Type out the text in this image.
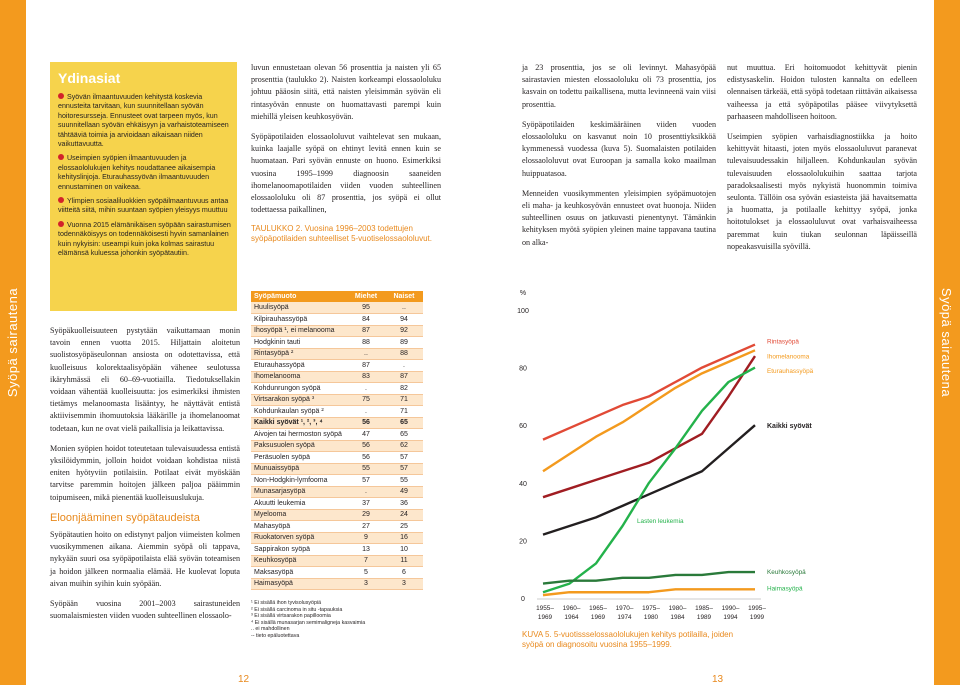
Syöpä sairautena	Syöpä sairautena
Ydinasiat

Syövän ilmaantuvuuden kehitystä koskevia ennusteita tarvitaan, kun suunnitellaan syövän hoitoresursseja. Ennusteet ovat tarpeen myös, kun suunnitellaan syövän ehkäisyyn ja varhaistoteamiseen tähtääviä toimia ja arvioidaan aikaisaan niiden vaikuttavuutta.

Useimpien syöpien ilmaantuvuuden ja elossaololukujen kehitys noudattanee aikaisempia kehityslinjoja. Eturauhassyövän ilmaantuvuuden ennustaminen on vaikeaa.

Ylimpien sosiaaliluokkien syöpäilmaantuvuus antaa viitteitä siitä, mihin suuntaan syöpien yleisyys muuttuu

Vuonna 2015 elämänikäisen syöpään sairastumisen todennäköisyys on todennäköisesti hyvin samanlainen kuin nykyisin: useampi kuin joka kolmas sairastuu elämänsä kuluessa johonkin syöpätautiin.

Syöpäkuolleisuuteen pystytään vaikuttamaan monin tavoin ennen vuotta 2015. Hiljattain aloitetun suolistosyöpäseulonnan ansiosta on odotettavissa, että kuolleisuus kolorektaalisyöpään vähenee seulotussa ikäryhmässä eli 60–69-vuotiailla. Tiedotuksellakin voidaan vähentää kuolleisuutta: jos esimerkiksi ihmisten tietämys melanoomasta lisääntyy, he näyttävät entistä aktiivisemmin ihomuutoksia lääkärille ja ihomelanoomat todetaan, kun ne ovat vielä paikallisia ja leikattavissa.

Monien syöpien hoidot toteutetaan tulevaisuudessa entistä yksilöidymmin, jolloin hoidot voidaan kohdistaa niistä eniten hyötyviin potilaisiin. Potilaat eivät myöskään tarvitse paremmin hoitojen jälkeen paljoa pääimmin toipumiseen, mikä pienentää kuolleisuuslukuja.

Eloonjääminen syöpätaudeista

Syöpätautien hoito on edistynyt paljon viimeisten kolmen vuosikymmenen aikana. Aiemmin syöpä oli tappava, nykyään suuri osa syöpäpotilaista elää syövän toteamisen ja hoidon jälkeen normaalia elämää. He kuolevat loputa aivan muihin syihin kuin syöpään.

Syöpään vuosina 2001–2003 sairastuneiden suomalaismiesten viiden vuoden suhteellinen elossaolo-

luvun ennustetaan olevan 56 prosenttia ja naisten yli 65 prosenttia (taulukko 2). Naisten korkeampi elossaololuku johtuu pääosin siitä, että naisten yleisimmän syövän eli rintasyövän ennuste on huomattavasti parempi kuin miehillä yleisen keuhkosyövän.

Syöpäpotilaiden elossaololuvut vaihtelevat sen mukaan, kuinka laajalle syöpä on ehtinyt levitä ennen kuin se huomataan. Pari syövän ennuste on huono. Esimerkiksi vuosina 1995–1999 diagnoosin saaneiden ihomelanoomapotilaiden viiden vuoden suhteellinen elossaololuku oli 87 prosenttia, jos syöpä ei ollut todettaessa paikallinen,

TAULUKKO 2. Vuosina 1996–2003 todettujen syöpäpotilaiden suhteelliset 5-vuotiselossaololuvut.
Syöpämuoto	Miehet	Naiset
Huulisyöpä	95	..
Kilpirauhassyöpä	84	94
Ihosyöpä ¹, ei melanooma	87	92
Hodgkinin tauti	88	89
Rintasyöpä ²	..	88
Eturauhassyöpä	87	.
Ihomelanooma	83	87
Kohdunrungon syöpä	.	82
Virtsarakon syöpä ³	75	71
Kohdunkaulan syöpä ²	.	71
Kaikki syövät ¹, ², ³, ⁴	56	65
Aivojen tai hermoston syöpä	47	65
Paksusuolen syöpä	56	62
Peräsuolen syöpä	56	57
Munuaissyöpä	55	57
Non-Hodgkin-lymfooma	57	55
Munasarjasyöpä	.	49
Akuutti leukemia	37	36
Myelooma	29	24
Mahasyöpä	27	25
Ruokatorven syöpä	9	16
Sappirakon syöpä	13	10
Keuhkosyöpä	7	11
Maksasyöpä	5	6
Haimasyöpä	3	3
¹ Ei sisällä ihon tyvisolusyöpiä
² Ei sisällä carcinoma in situ -tapauksia
³ Ei sisällä virtsarakon papilloomia
⁴ Ei sisällä munasarjan semimaligneja kasvaimia
.. ei mahdollinen
-- tieto epäluotettava

ja 23 prosenttia, jos se oli levinnyt. Mahasyöpää sairastavien miesten elossaololuku oli 73 prosenttia, jos kasvain on todettu paikallisena, mutta levinneenä vain viisi prosenttia.

Syöpäpotilaiden keskimääräinen viiden vuoden elossaololuku on kasvanut noin 10 prosenttiyksikköä kymmenessä vuodessa (kuva 5). Suomalaisten potilaiden elossaololuvut ovat Euroopan ja samalla koko maailman huippuatasoa.

Menneiden vuosikymmenten yleisimpien syöpämuotojen eli maha- ja keuhkosyövän ennusteet ovat huonoja. Niiden suhteellinen osuus on jatkuvasti pienentynyt. Tämänkin kehityksen myötä syöpien yleinen maine tappavana tautina on alka-

nut muuttua. Eri hoitomuodot kehittyvät pienin edistysaskelin. Hoidon tulosten kannalta on edelleen olennaisen tärkeää, että syöpä todetaan riittävän aikaisessa vaiheessa ja että syöpäpotilas pääsee viivytyksettä parhaaseen mahdolliseen hoitoon.

Useimpien syöpien varhaisdiagnostiikka ja hoito kehittyvät hitaasti, joten myös elossaoluluvut paranevat tulevaisuudessakin hiljalleen. Kohdunkaulan syövän tulevaisuuden elossaololukuihin saattaa tarjota paradoksaalisesti myös nykyistä huonommin toimiva seulonta. Tällöin osa syövän esiasteista jää havaitsematta ja huomatta, ja potilaalle kehittyy syöpä, jonka hoitotulokset ja elossaoluluvut ovat varhaisvaiheessa paremmat kuin tiukan seulonnan läpäisseillä nopeakasvuisilla syövillä.

%
0
20
40
60
80
100
1955–
1969
1960–
1964
1965–
1969
1970–
1974
1975–
1980
1980–
1984
1985–
1989
1990–
1994
1995–
1999
Rintasyöpä
Ihomelanooma
Eturauhassyöpä
Kaikki syövät
Lasten leukemia
Keuhkosyöpä
Haimasyöpä
KUVA 5. 5-vuotissselossaololukujen kehitys potilailla, joiden syöpä on diagnosoitu vuosina 1955–1999.
12	13
